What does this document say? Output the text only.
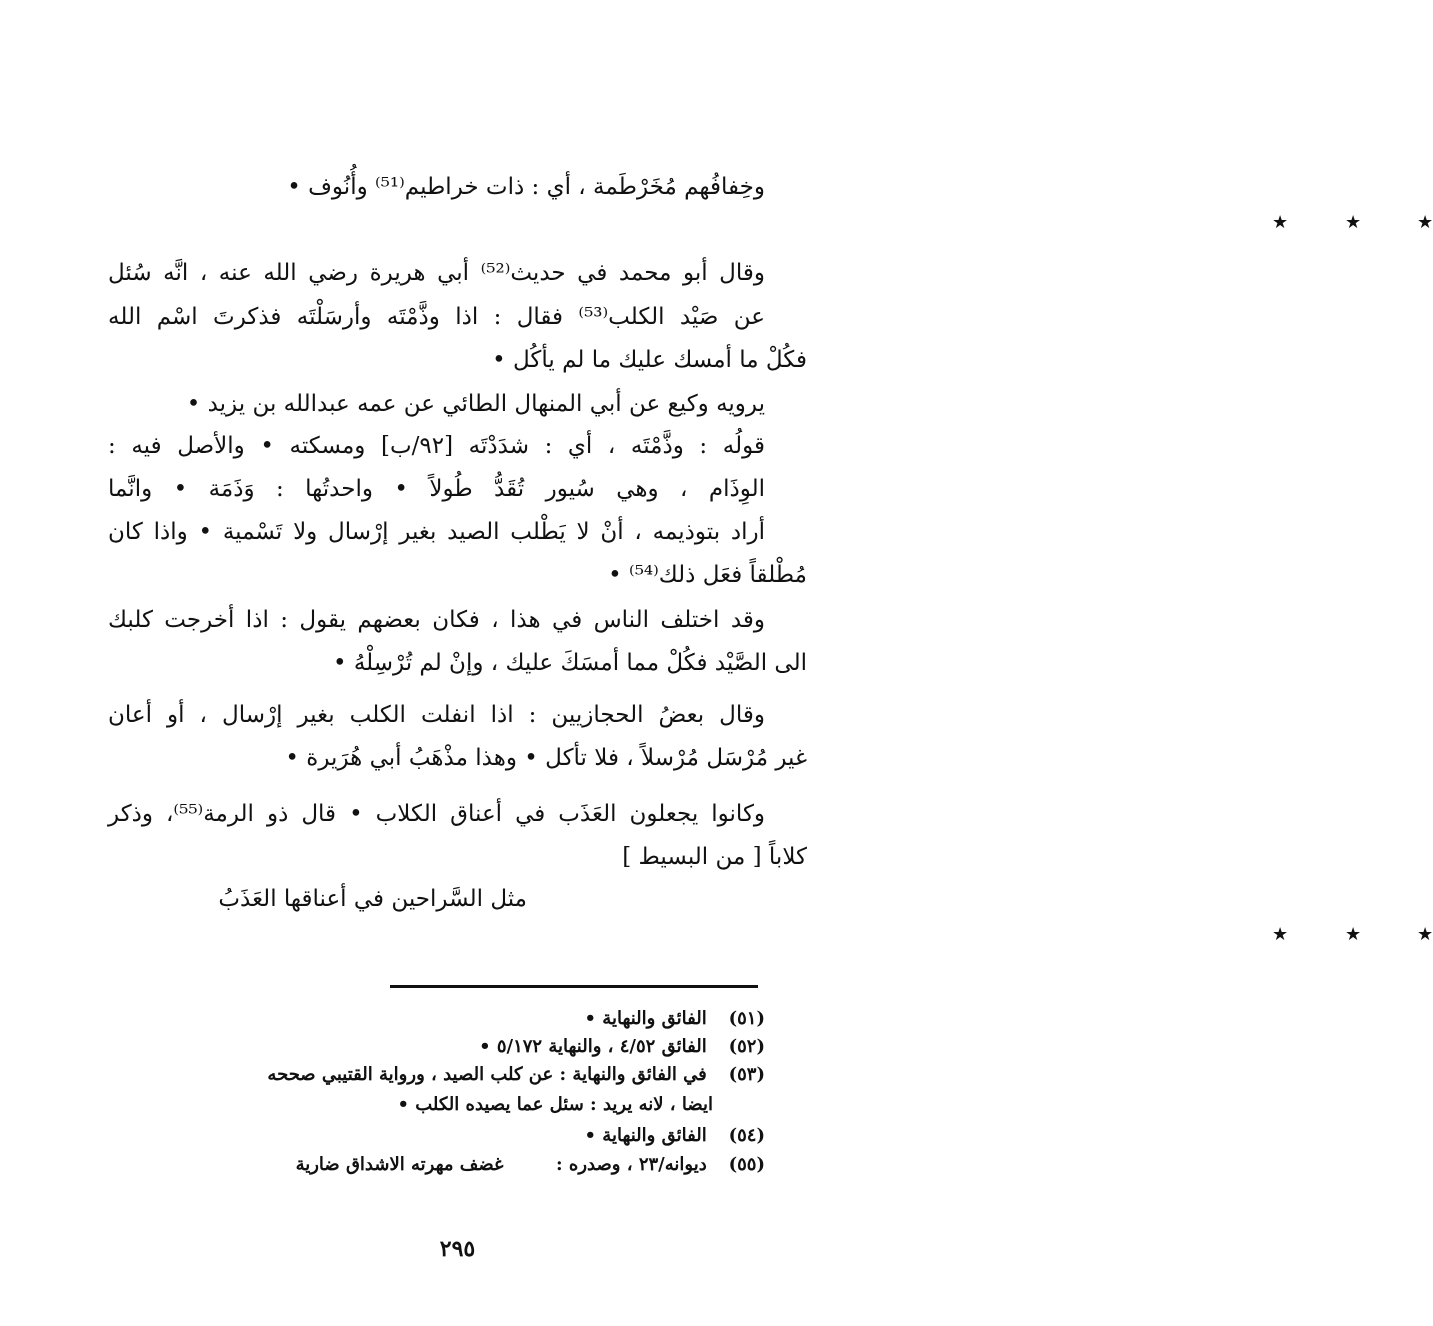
وخِفافُهم مُخَرْطَمة ، أي : ذات خراطيم⁽⁵¹⁾ وأُنُوف •
★	★	★
وقال أبو محمد في حديث⁽⁵²⁾ أبي هريرة رضي الله عنه ، انَّه سُئل
عن صَيْد الكلب⁽⁵³⁾ فقال : اذا وذَّمْتَه وأرسَلْتَه فذكرتَ اسْم الله
فكُلْ ما أمسك عليك ما لم يأكُل •
يرويه وكيع عن أبي المنهال الطائي عن عمه عبدالله بن يزيد •
قولُه : وذَّمْتَه ، أي : شدَدْتَه [٩٢/ب] ومسكته • والأصل فيه :
الوِذَام ، وهي سُيور تُقَدُّ طُولاً • واحدتُها : وَذَمَة • وانَّما
أراد بتوذيمه ، أنْ لا يَطْلب الصيد بغير إرْسال ولا تَسْمية • واذا كان
مُطْلقاً فعَل ذلك⁽⁵⁴⁾ •
وقد اختلف الناس في هذا ، فكان بعضهم يقول : اذا أخرجت كلبك
الى الصَّيْد فكُلْ مما أمسَكَ عليك ، وإنْ لم تُرْسِلْهُ •
وقال بعضُ الحجازيين : اذا انفلت الكلب بغير إرْسال ، أو أعان
غير مُرْسَل مُرْسلاً ، فلا تأكل • وهذا مذْهَبُ أبي هُرَيرة •
وكانوا يجعلون العَذَب في أعناق الكلاب • قال ذو الرمة⁽⁵⁵⁾، وذكر
كلاباً [ من البسيط ]
مثل السَّراحين في أعناقها العَذَبُ
★	★	★
(٥١) الفائق والنهاية •
(٥٢) الفائق ٤/٥٢ ، والنهاية ٥/١٧٢ •
(٥٣) في الفائق والنهاية : عن كلب الصيد ، ورواية القتيبي صححه
ايضا ، لانه يريد : سئل عما يصيده الكلب •
(٥٤) الفائق والنهاية •
(٥٥) ديوانه/٢٣ ، وصدره :  غضف مهرته الاشداق ضارية
٢٩٥
